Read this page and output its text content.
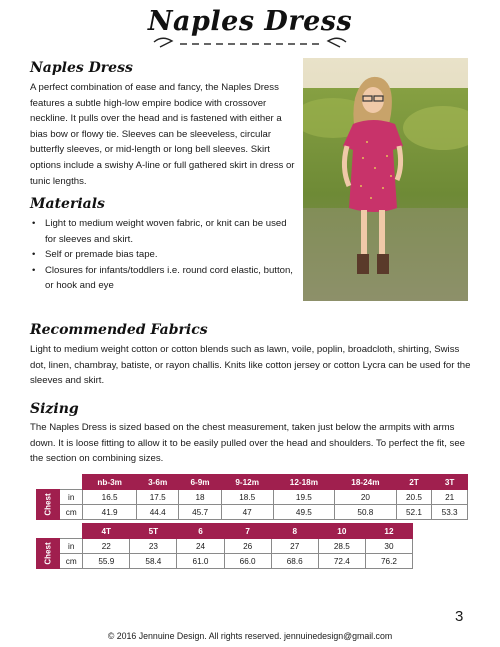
Naples Dress
Naples Dress
A perfect combination of ease and fancy, the Naples Dress features a subtle high-low empire bodice with crossover neckline. It pulls over the head and is fastened with either a bias bow or flowy tie. Sleeves can be sleeveless, circular butterfly sleeves, or mid-length or long bell sleeves. Skirt options include a swishy A-line or full gathered skirt in dress or tunic lengths.
Materials
• Light to medium weight woven fabric, or knit can be used for sleeves and skirt.
• Self or premade bias tape.
• Closures for infants/toddlers i.e. round cord elastic, button, or hook and eye
Recommended Fabrics
Light to medium weight cotton or cotton blends such as lawn, voile, poplin, broadcloth, shirting, Swiss dot, linen, chambray, batiste, or rayon challis. Knits like cotton jersey or cotton Lycra can be used for the sleeves and skirt.
Sizing
The Naples Dress is sized based on the chest measurement, taken just below the armpits with arms down. It is loose fitting to allow it to be easily pulled over the head and shoulders. To perfect the fit, see the section on combining sizes.
		nb-3m	3-6m	6-9m	9-12m	12-18m	18-24m	2T	3T
Chest	in	16.5	17.5	18	18.5	19.5	20	20.5	21
	cm	41.9	44.4	45.7	47	49.5	50.8	52.1	53.3
		4T	5T	6	7	8	10	12
Chest	in	22	23	24	26	27	28.5	30
	cm	55.9	58.4	61.0	66.0	68.6	72.4	76.2
3
© 2016 Jennuine Design. All rights reserved. jennuinedesign@gmail.com
